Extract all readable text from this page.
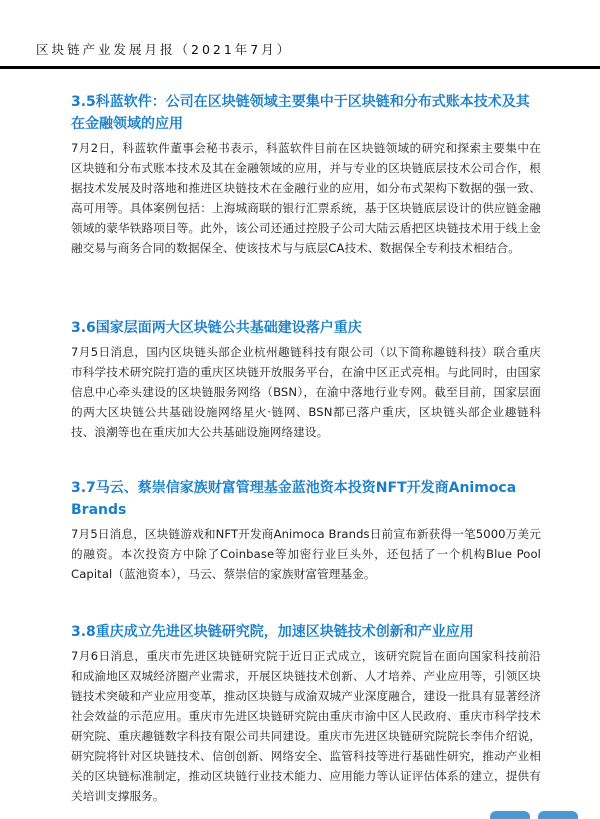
区块链产业发展月报（2021年7月）
3.5科蓝软件：公司在区块链领域主要集中于区块链和分布式账本技术及其在金融领域的应用

7月2日，科蓝软件董事会秘书表示，科蓝软件目前在区块链领域的研究和探索主要集中在区块链和分布式账本技术及其在金融领域的应用，并与专业的区块链底层技术公司合作，根据技术发展及时落地和推进区块链技术在金融行业的应用，如分布式架构下数据的强一致、高可用等。具体案例包括：上海城商联的银行汇票系统，基于区块链底层设计的供应链金融领域的蒙华铁路项目等。此外，该公司还通过控股子公司大陆云盾把区块链技术用于线上金融交易与商务合同的数据保全、使该技术与与底层CA技术、数据保全专利技术相结合。

3.6国家层面两大区块链公共基础建设落户重庆

7月5日消息，国内区块链头部企业杭州趣链科技有限公司（以下简称趣链科技）联合重庆市科学技术研究院打造的重庆区块链开放服务平台，在渝中区正式亮相。与此同时，由国家信息中心牵头建设的区块链服务网络（BSN），在渝中落地行业专网。截至目前，国家层面的两大区块链公共基础设施网络星火·链网、BSN都已落户重庆，区块链头部企业趣链科技、浪潮等也在重庆加大公共基础设施网络建设。

3.7马云、蔡崇信家族财富管理基金蓝池资本投资NFT开发商Animoca Brands

7月5日消息，区块链游戏和NFT开发商Animoca Brands日前宣布新获得一笔5000万美元的融资。本次投资方中除了Coinbase等加密行业巨头外，还包括了一个机构Blue Pool Capital（蓝池资本），马云、蔡崇信的家族财富管理基金。

3.8重庆成立先进区块链研究院，加速区块链技术创新和产业应用

7月6日消息，重庆市先进区块链研究院于近日正式成立，该研究院旨在面向国家科技前沿和成渝地区双城经济圈产业需求，开展区块链技术创新、人才培养、产业应用等，引领区块链技术突破和产业应用变革，推动区块链与成渝双城产业深度融合，建设一批具有显著经济社会效益的示范应用。重庆市先进区块链研究院由重庆市渝中区人民政府、重庆市科学技术研究院、重庆趣链数字科技有限公司共同建设。重庆市先进区块链研究院院长李伟介绍说，研究院将针对区块链技术、信创创新、网络安全、监管科技等进行基础性研究，推动产业相关的区块链标准制定，推动区块链行业技术能力、应用能力等认证评估体系的建立，提供有关培训支撑服务。
